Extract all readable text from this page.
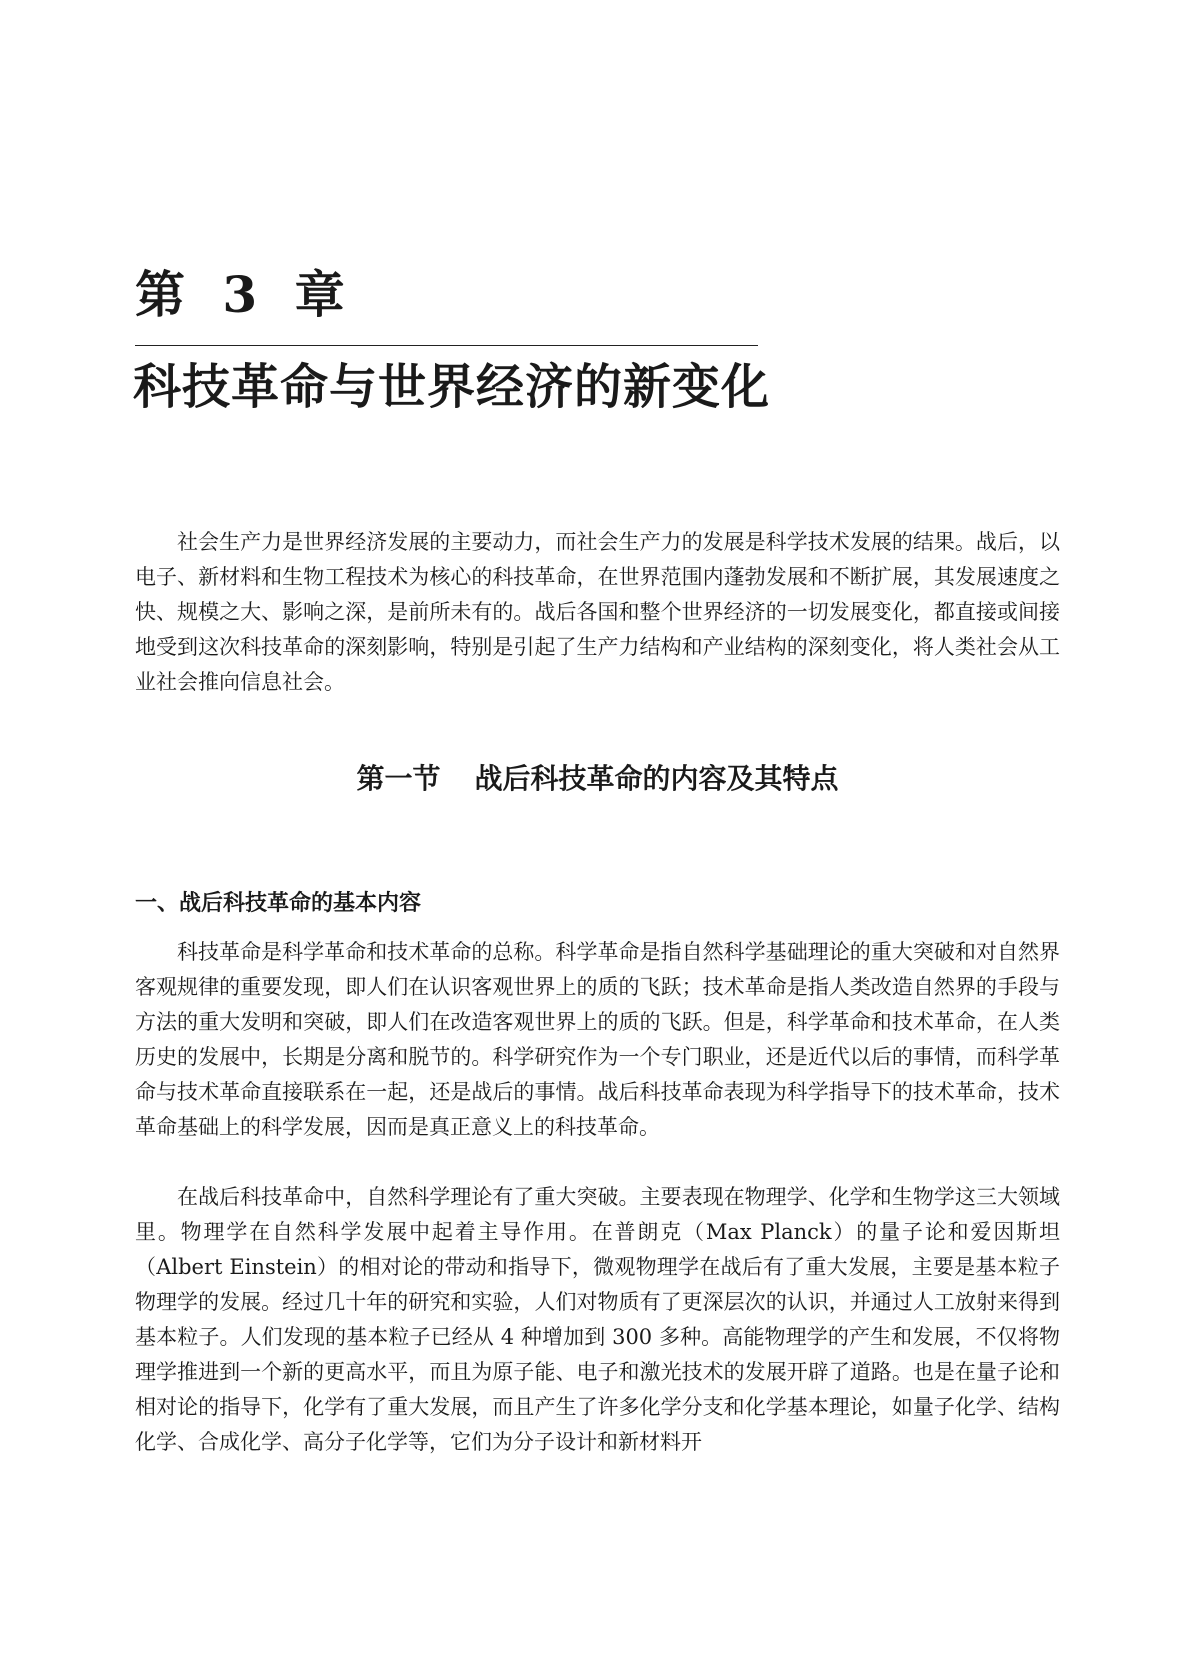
第 3 章
科技革命与世界经济的新变化

社会生产力是世界经济发展的主要动力，而社会生产力的发展是科学技术发展的结果。战后，以电子、新材料和生物工程技术为核心的科技革命，在世界范围内蓬勃发展和不断扩展，其发展速度之快、规模之大、影响之深，是前所未有的。战后各国和整个世界经济的一切发展变化，都直接或间接地受到这次科技革命的深刻影响，特别是引起了生产力结构和产业结构的深刻变化，将人类社会从工业社会推向信息社会。

第一节 战后科技革命的内容及其特点
一、战后科技革命的基本内容

科技革命是科学革命和技术革命的总称。科学革命是指自然科学基础理论的重大突破和对自然界客观规律的重要发现，即人们在认识客观世界上的质的飞跃；技术革命是指人类改造自然界的手段与方法的重大发明和突破，即人们在改造客观世界上的质的飞跃。但是，科学革命和技术革命，在人类历史的发展中，长期是分离和脱节的。科学研究作为一个专门职业，还是近代以后的事情，而科学革命与技术革命直接联系在一起，还是战后的事情。战后科技革命表现为科学指导下的技术革命，技术革命基础上的科学发展，因而是真正意义上的科技革命。

在战后科技革命中，自然科学理论有了重大突破。主要表现在物理学、化学和生物学这三大领域里。物理学在自然科学发展中起着主导作用。在普朗克（Max Planck）的量子论和爱因斯坦（Albert Einstein）的相对论的带动和指导下，微观物理学在战后有了重大发展，主要是基本粒子物理学的发展。经过几十年的研究和实验，人们对物质有了更深层次的认识，并通过人工放射来得到基本粒子。人们发现的基本粒子已经从 4 种增加到 300 多种。高能物理学的产生和发展，不仅将物理学推进到一个新的更高水平，而且为原子能、电子和激光技术的发展开辟了道路。也是在量子论和相对论的指导下，化学有了重大发展，而且产生了许多化学分支和化学基本理论，如量子化学、结构化学、合成化学、高分子化学等，它们为分子设计和新材料开
